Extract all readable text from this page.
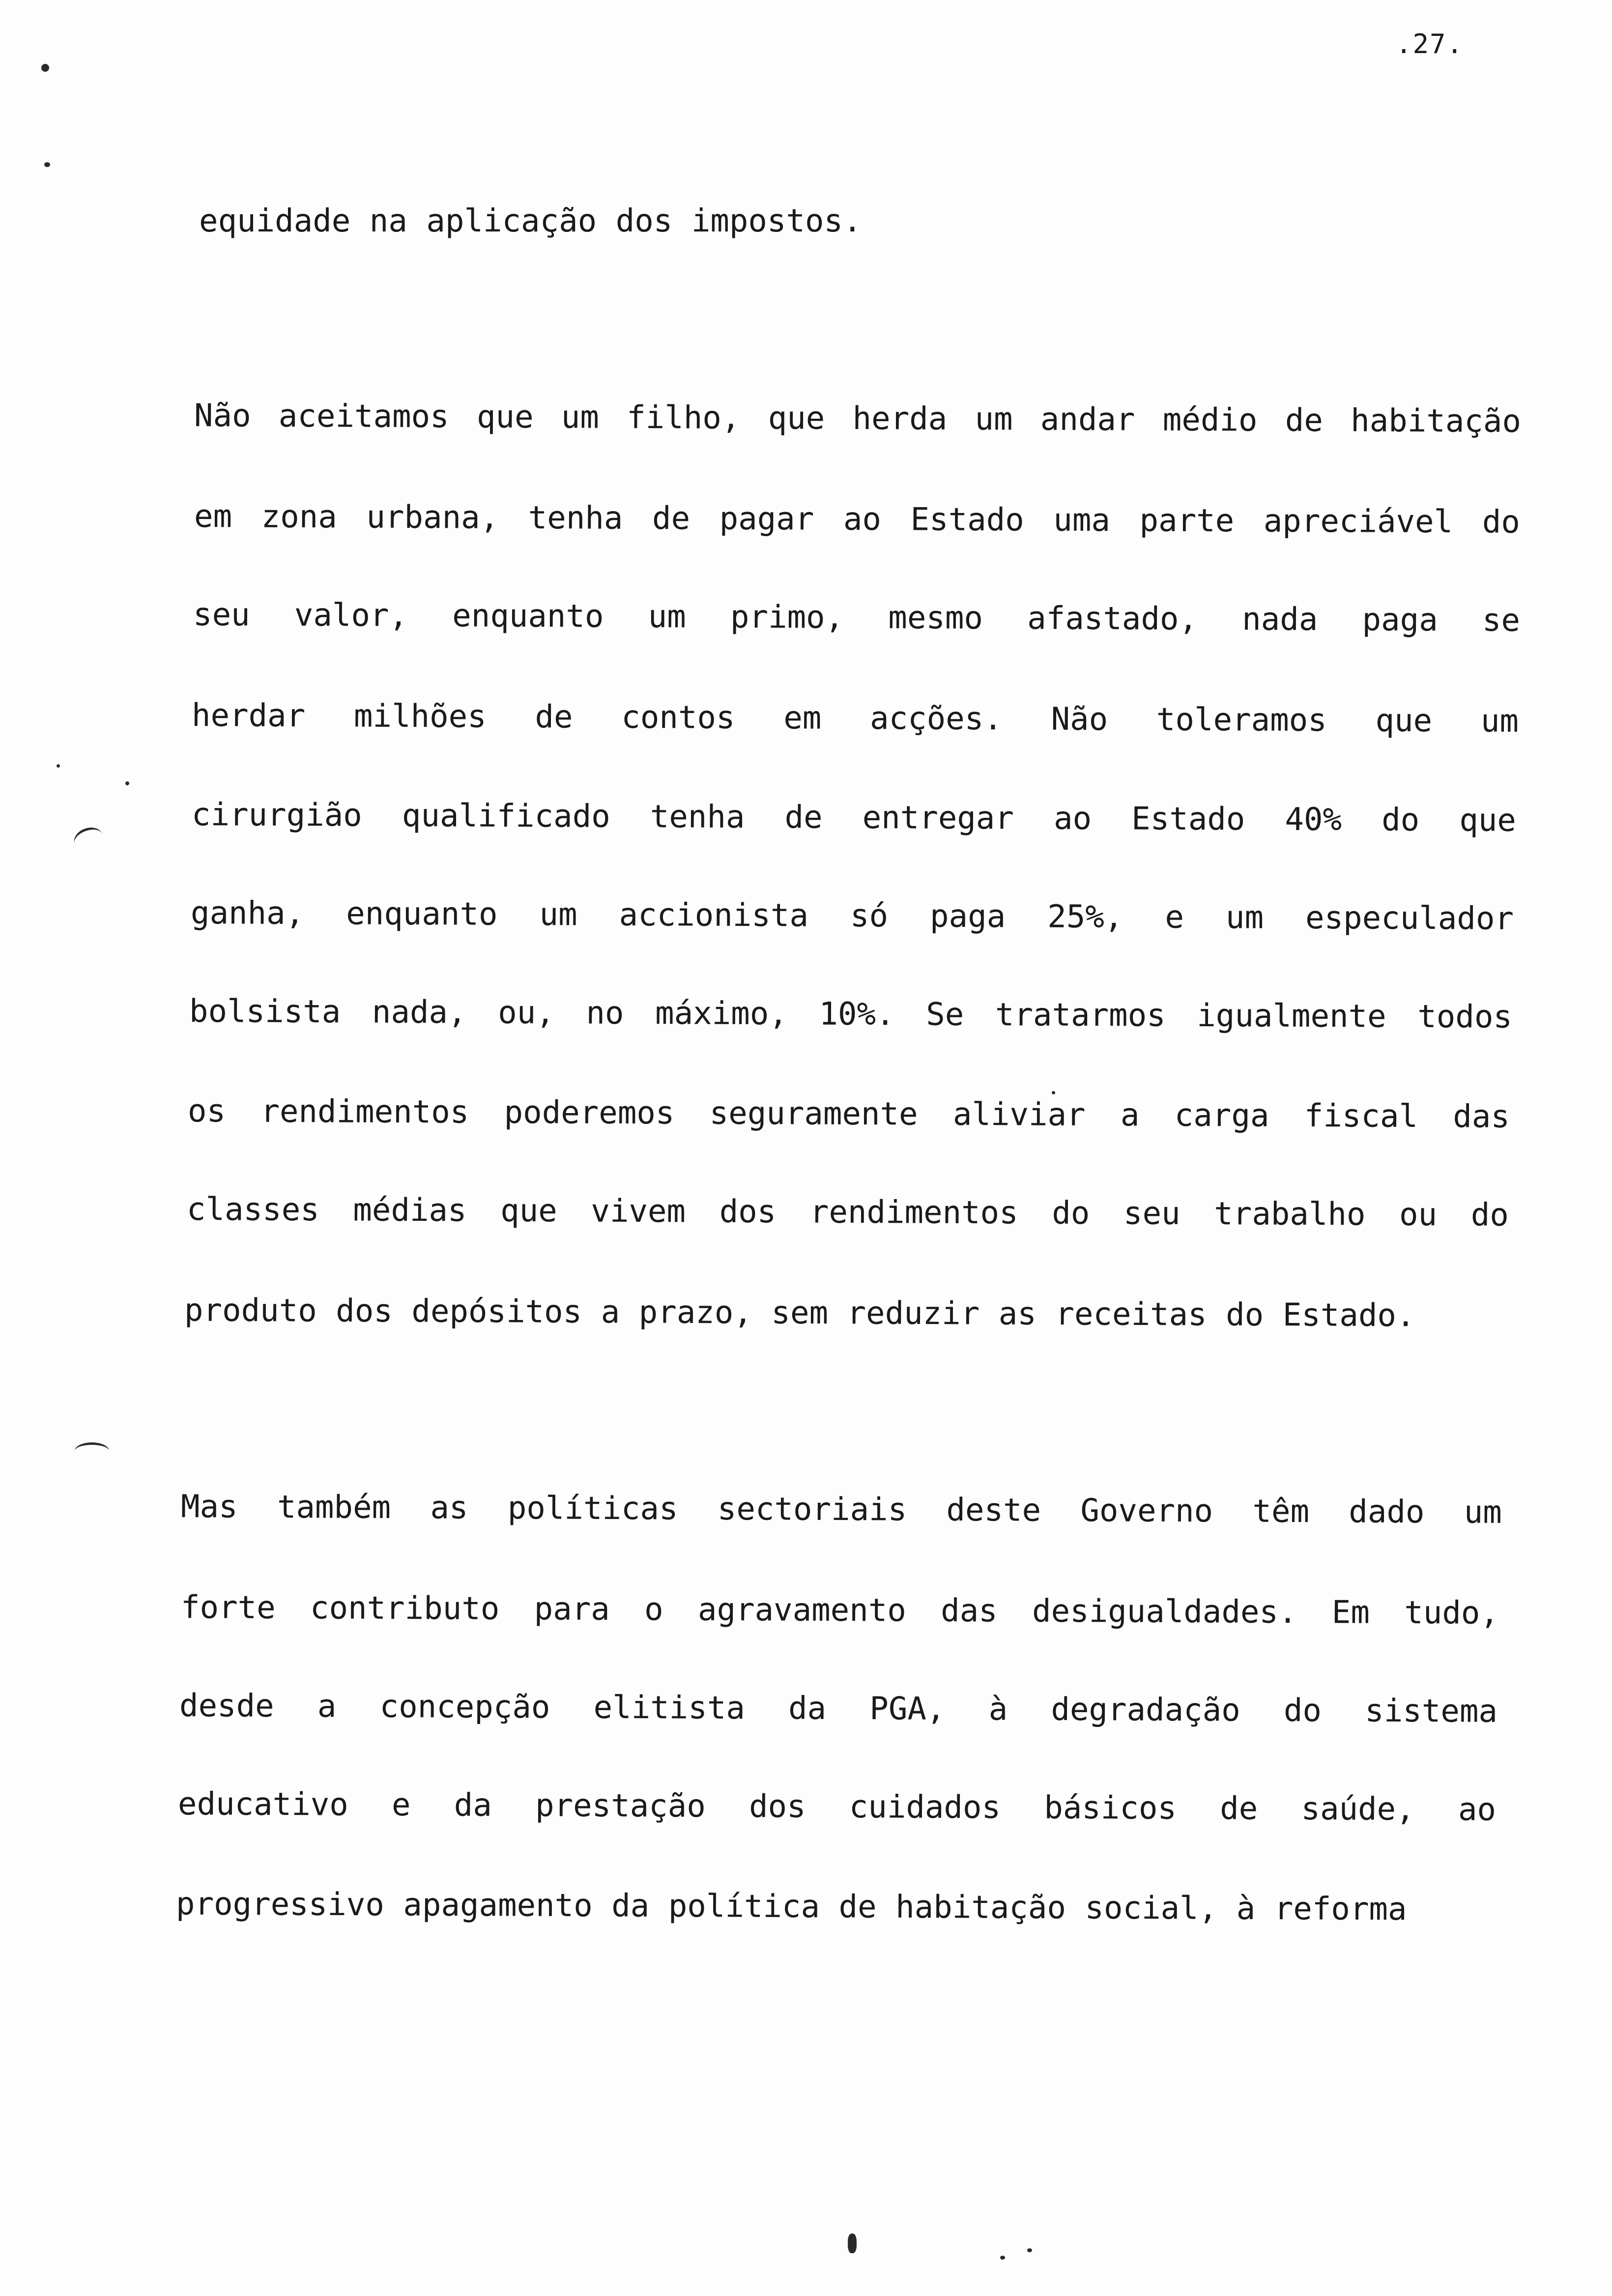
.27.
equidade na aplicação dos impostos.
Não aceitamos que um filho, que herda um andar médio de habitação
em zona urbana, tenha de pagar ao Estado uma parte apreciável do
seu valor, enquanto um primo, mesmo afastado, nada paga se
herdar milhões de contos em acções. Não toleramos que um
cirurgião qualificado tenha de entregar ao Estado 40% do que
ganha, enquanto um accionista só paga 25%, e um especulador
bolsista nada, ou, no máximo, 10%. Se tratarmos igualmente todos
os rendimentos poderemos seguramente aliviar a carga fiscal das
classes médias que vivem dos rendimentos do seu trabalho ou do
produto dos depósitos a prazo, sem reduzir as receitas do Estado.
Mas também as políticas sectoriais deste Governo têm dado um
forte contributo para o agravamento das desigualdades. Em tudo,
desde a concepção elitista da PGA, à degradação do sistema
educativo e da prestação dos cuidados básicos de saúde, ao
progressivo apagamento da política de habitação social, à reforma
